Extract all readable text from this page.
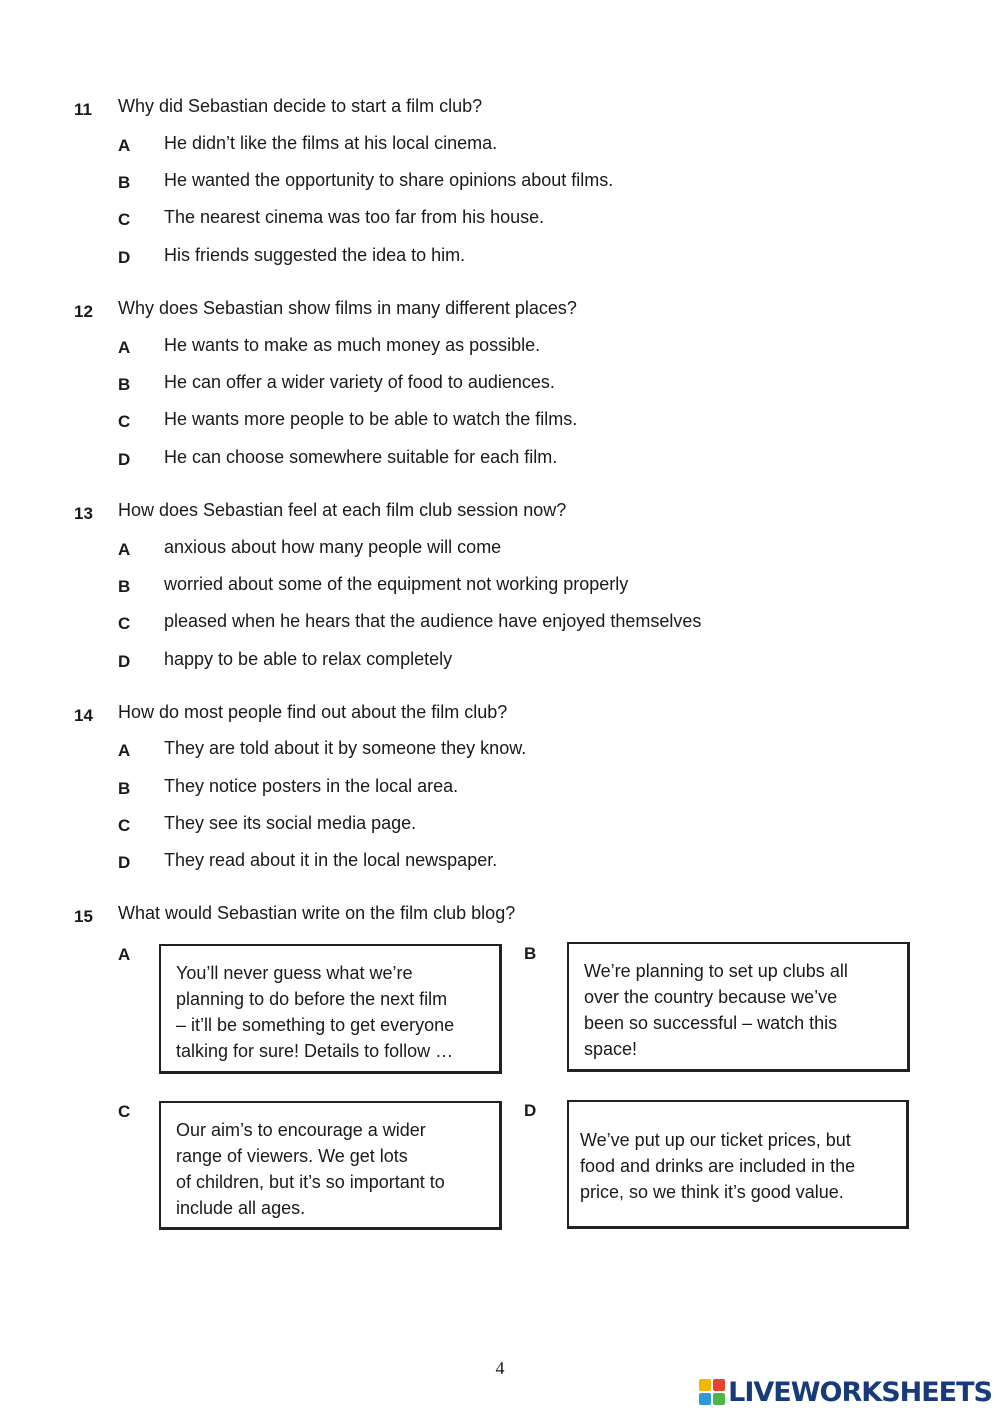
11 Why did Sebastian decide to start a film club?
A He didn’t like the films at his local cinema.
B He wanted the opportunity to share opinions about films.
C The nearest cinema was too far from his house.
D His friends suggested the idea to him.
12 Why does Sebastian show films in many different places?
A He wants to make as much money as possible.
B He can offer a wider variety of food to audiences.
C He wants more people to be able to watch the films.
D He can choose somewhere suitable for each film.
13 How does Sebastian feel at each film club session now?
A anxious about how many people will come
B worried about some of the equipment not working properly
C pleased when he hears that the audience have enjoyed themselves
D happy to be able to relax completely
14 How do most people find out about the film club?
A They are told about it by someone they know.
B They notice posters in the local area.
C They see its social media page.
D They read about it in the local newspaper.
15 What would Sebastian write on the film club blog?
A

You’ll never guess what we’re

planning to do before the next film

– it’ll be something to get everyone

talking for sure! Details to follow …

B

We’re planning to set up clubs all

over the country because we’ve

been so successful – watch this

space!

C

Our aim’s to encourage a wider

range of viewers. We get lots

of children, but it’s so important to

include all ages.

D

We’ve put up our ticket prices, but

food and drinks are included in the

price, so we think it’s good value.

4
LIVEWORKSHEETS
